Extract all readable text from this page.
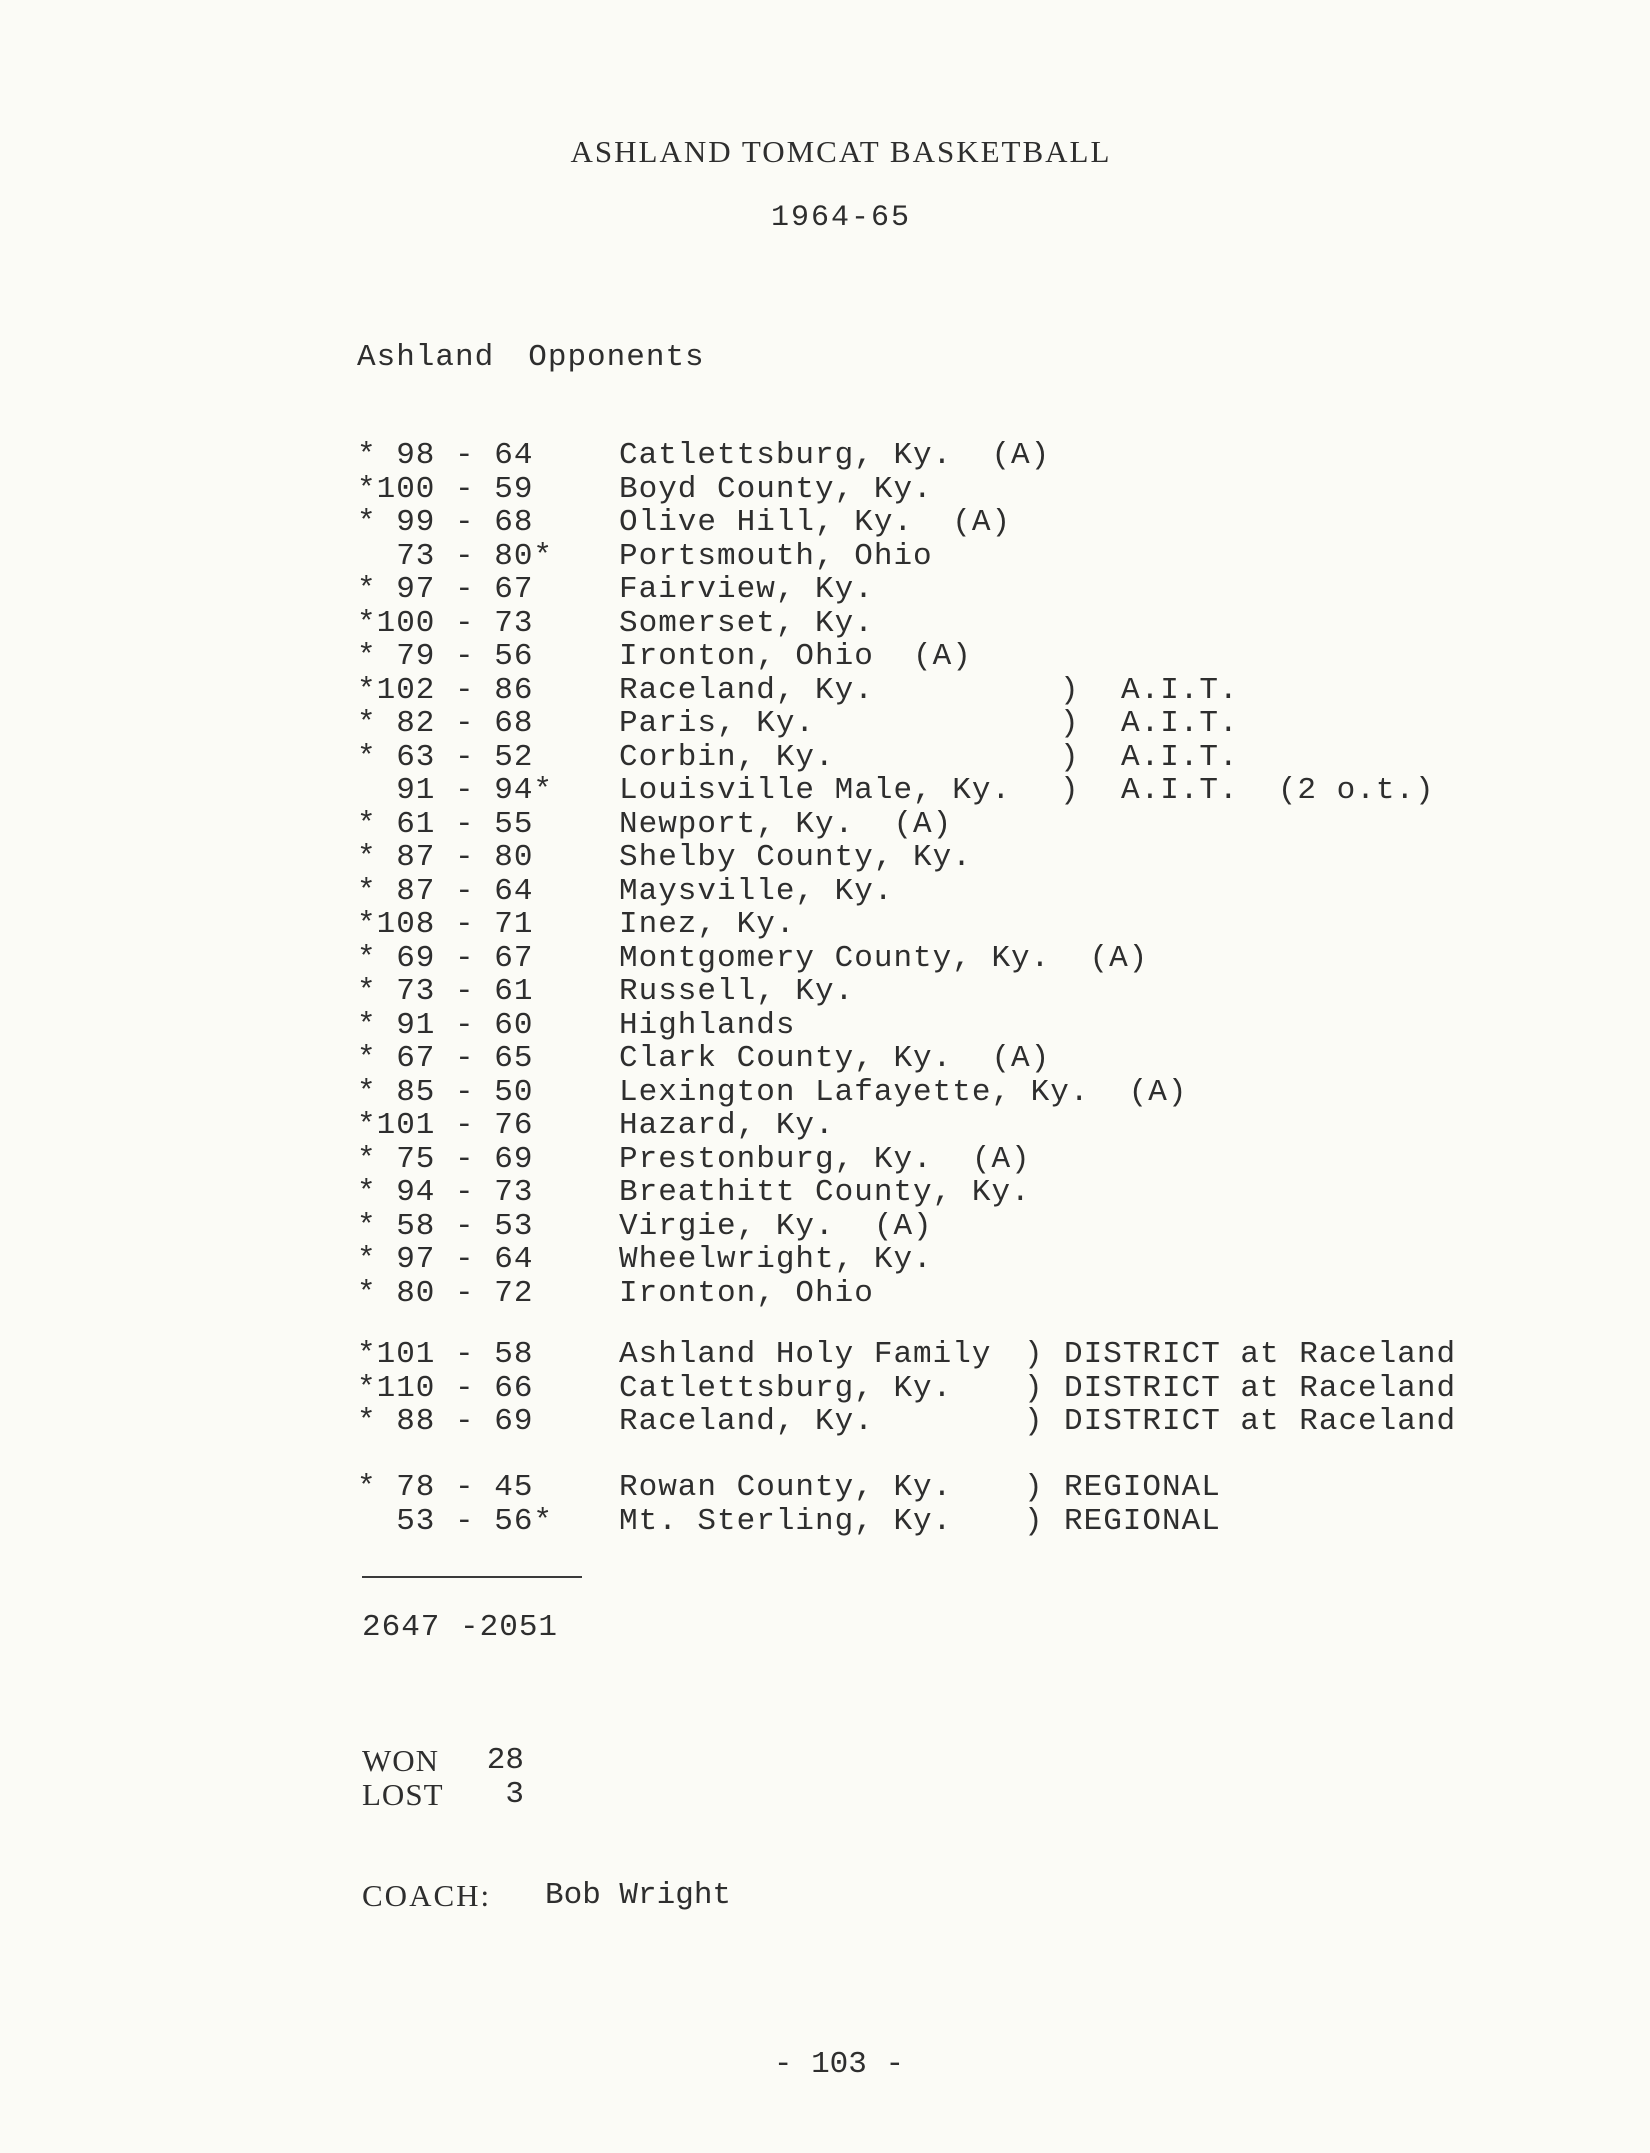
ASHLAND TOMCAT BASKETBALL
1964-65
Ashland Opponents
* 98 - 64	Catlettsburg, Ky.  (A)
*100 - 59	Boyd County, Ky.
* 99 - 68	Olive Hill, Ky.  (A)
73 - 80*	Portsmouth, Ohio
* 97 - 67	Fairview, Ky.
*100 - 73	Somerset, Ky.
* 79 - 56	Ironton, Ohio  (A)
*102 - 86	Raceland, Ky.	) A.I.T.
* 82 - 68	Paris, Ky.	) A.I.T.
* 63 - 52	Corbin, Ky.	) A.I.T.
91 - 94*	Louisville Male, Ky. ) A.I.T.  (2 o.t.)
* 61 - 55	Newport, Ky.  (A)
* 87 - 80	Shelby County, Ky.
* 87 - 64	Maysville, Ky.
*108 - 71	Inez, Ky.
* 69 - 67	Montgomery County, Ky.  (A)
* 73 - 61	Russell, Ky.
* 91 - 60	Highlands
* 67 - 65	Clark County, Ky.  (A)
* 85 - 50	Lexington Lafayette, Ky.  (A)
*101 - 76	Hazard, Ky.
* 75 - 69	Prestonburg, Ky.  (A)
* 94 - 73	Breathitt County, Ky.
* 58 - 53	Virgie, Ky.  (A)
* 97 - 64	Wheelwright, Ky.
* 80 - 72	Ironton, Ohio
*101 - 58	Ashland Holy Family ) DISTRICT at Raceland
*110 - 66	Catlettsburg, Ky. ) DISTRICT at Raceland
* 88 - 69	Raceland, Ky.	) DISTRICT at Raceland
* 78 - 45	Rowan County, Ky. ) REGIONAL
53 - 56*	Mt. Sterling, Ky. ) REGIONAL
2647 -2051
WON 28
LOST	3
COACH: Bob Wright
- 103 -
